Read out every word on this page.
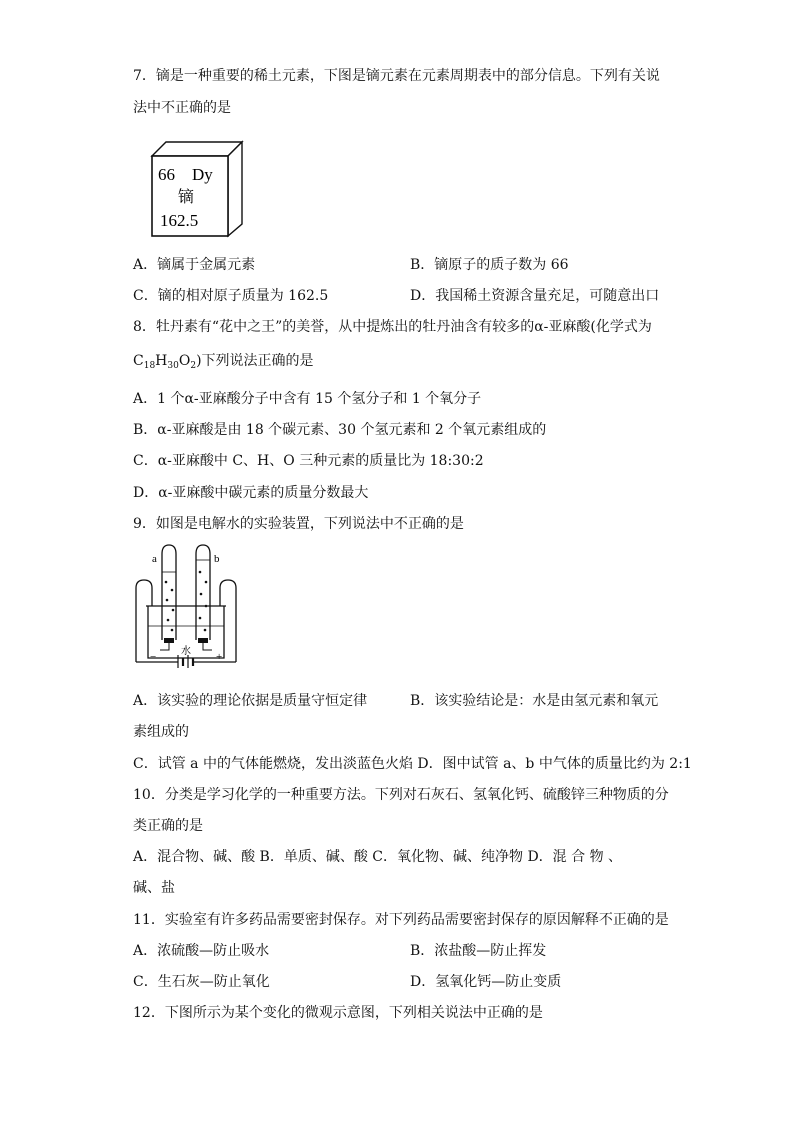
7．镝是一种重要的稀土元素，下图是镝元素在元素周期表中的部分信息。下列有关说
法中不正确的是
66 Dy
镝
162.5
A．镝属于金属元素	B．镝原子的质子数为 66
C．镝的相对原子质量为 162.5	D．我国稀土资源含量充足，可随意出口
8．牡丹素有“花中之王”的美誉，从中提炼出的牡丹油含有较多的α-亚麻酸(化学式为
$C_{18}H_{30}O_2$)下列说法正确的是
A．1 个α-亚麻酸分子中含有 15 个氢分子和 1 个氧分子
B．α-亚麻酸是由 18 个碳元素、30 个氢元素和 2 个氧元素组成的
C．α-亚麻酸中 C、H、O 三种元素的质量比为 18:30:2
D．α-亚麻酸中碳元素的质量分数最大
9．如图是电解水的实验装置，下列说法中不正确的是
a	b
水
−	+
A．该实验的理论依据是质量守恒定律	B．该实验结论是：水是由氢元素和氧元
素组成的
C．试管 a 中的气体能燃烧，发出淡蓝色火焰 D．图中试管 a、b 中气体的质量比约为 2:1
10．分类是学习化学的一种重要方法。下列对石灰石、氢氧化钙、硫酸锌三种物质的分
类正确的是
A．混合物、碱、酸 B．单质、碱、酸 C．氧化物、碱、纯净物 D．混 合 物 、
碱、盐
11．实验室有许多药品需要密封保存。对下列药品需要密封保存的原因解释不正确的是
A．浓硫酸—防止吸水	B．浓盐酸—防止挥发
C．生石灰—防止氧化	D．氢氧化钙—防止变质
12．下图所示为某个变化的微观示意图，下列相关说法中正确的是
